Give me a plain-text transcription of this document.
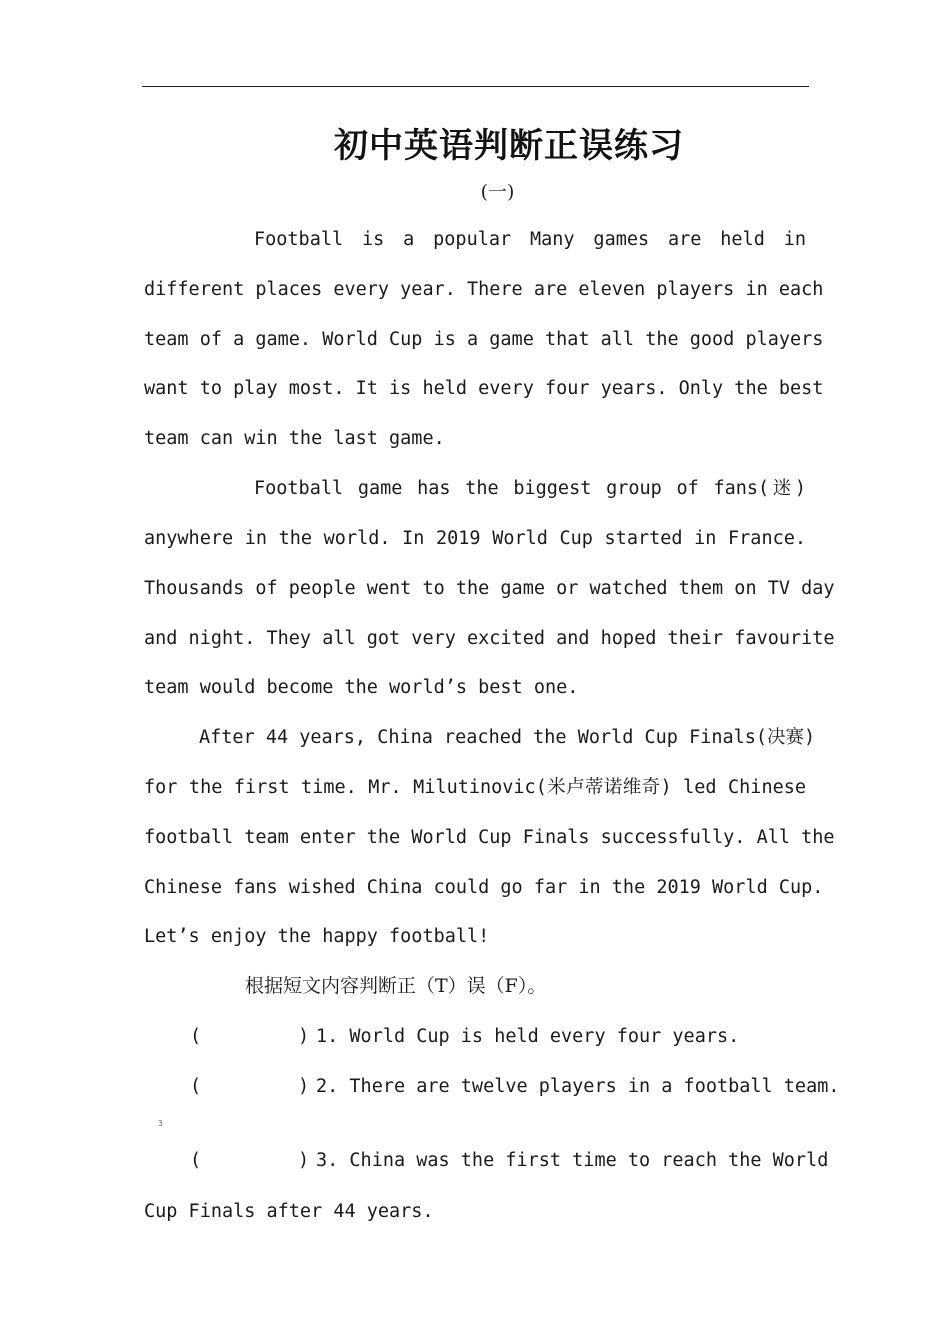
初中英语判断正误练习
(一)
Football is a popular Many games are held in
different places every year. There are eleven players in each
team of a game. World Cup is a game that all the good players
want to play most. It is held every four years. Only the best
team can win the last game.
Football game has the biggest group of fans(迷)
anywhere in the world. In 2019 World Cup started in France.
Thousands of people went to the game or watched them on TV day
and night. They all got very excited and hoped their favourite
team would become the world’s best one.
After 44 years, China reached the World Cup Finals(决赛)
for the first time. Mr. Milutinovic(米卢蒂诺维奇) led Chinese
football team enter the World Cup Finals successfully. All the
Chinese fans wished China could go far in the 2019 World Cup.
Let’s enjoy the happy football!
根据短文内容判断正（T）误（F）。
(	) 1. World Cup is held every four years.
(	) 2. There are twelve players in a football team.
3
(	) 3. China was the first time to reach the World
Cup Finals after 44 years.
